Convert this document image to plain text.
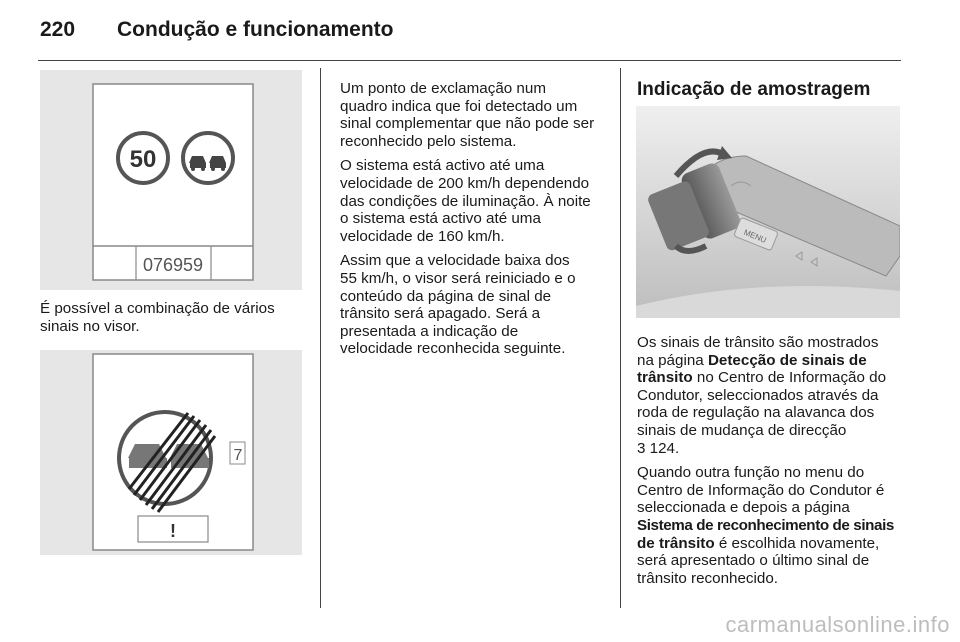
220 Condução e funcionamento
50
076959
É possível a combinação de vários
sinais no visor.
7
!

Um ponto de exclamação num
quadro indica que foi detectado um
sinal complementar que não pode ser
reconhecido pelo sistema.

O sistema está activo até uma
velocidade de 200 km/h dependendo
das condições de iluminação. À noite
o sistema está activo até uma
velocidade de 160 km/h.

Assim que a velocidade baixa dos
55 km/h, o visor será reiniciado e o
conteúdo da página de sinal de
trânsito será apagado. Será a
presentada a indicação de
velocidade reconhecida seguinte.

Indicação de amostragem
MENU

Os sinais de trânsito são mostrados
na página Detecção de sinais de
trânsito no Centro de Informação do
Condutor, seleccionados através da
roda de regulação na alavanca dos
sinais de mudança de direcção
3 124.

Quando outra função no menu do
Centro de Informação do Condutor é
seleccionada e depois a página
Sistema de reconhecimento de sinais
de trânsito é escolhida novamente,
será apresentado o último sinal de
trânsito reconhecido.

carmanualsonline.info
